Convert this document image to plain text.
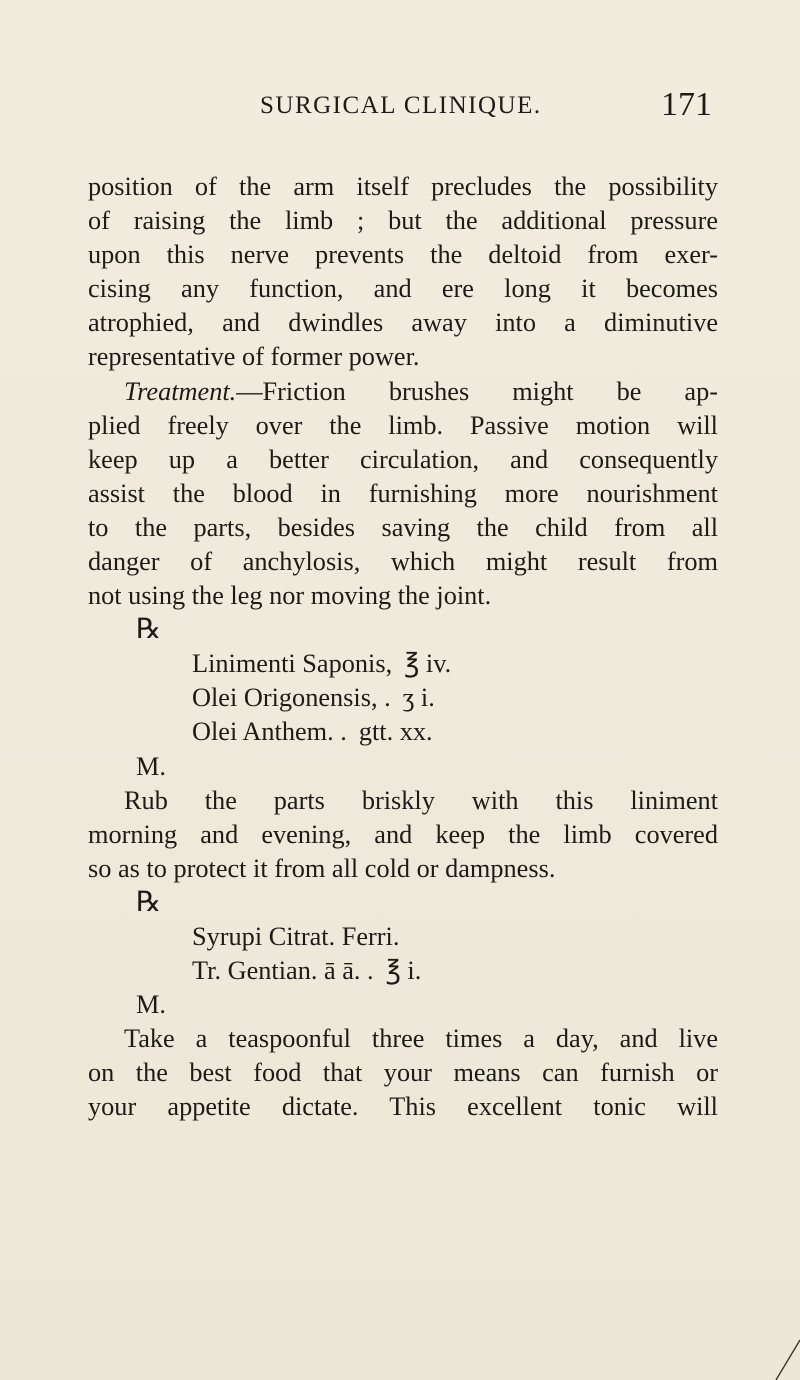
SURGICAL CLINIQUE.	171
position of the arm itself precludes the possibility
of raising the limb ; but the additional pressure
upon this nerve prevents the deltoid from exer-
cising any function, and ere long it becomes
atrophied, and dwindles away into a diminutive
representative of former power.
Treatment.—Friction brushes might be ap-
plied freely over the limb. Passive motion will
keep up a better circulation, and consequently
assist the blood in furnishing more nourishment
to the parts, besides saving the child from all
danger of anchylosis, which might result from
not using the leg nor moving the joint.
℞
Linimenti Saponis, ℥ iv.
Olei Origonensis, . ʒ i.
Olei Anthem. . gtt. xx.
M.
Rub the parts briskly with this liniment
morning and evening, and keep the limb covered
so as to protect it from all cold or dampness.
℞
Syrupi Citrat. Ferri.
Tr. Gentian. ā ā. . ℥ i.
M.
Take a teaspoonful three times a day, and live
on the best food that your means can furnish or
your appetite dictate. This excellent tonic will
